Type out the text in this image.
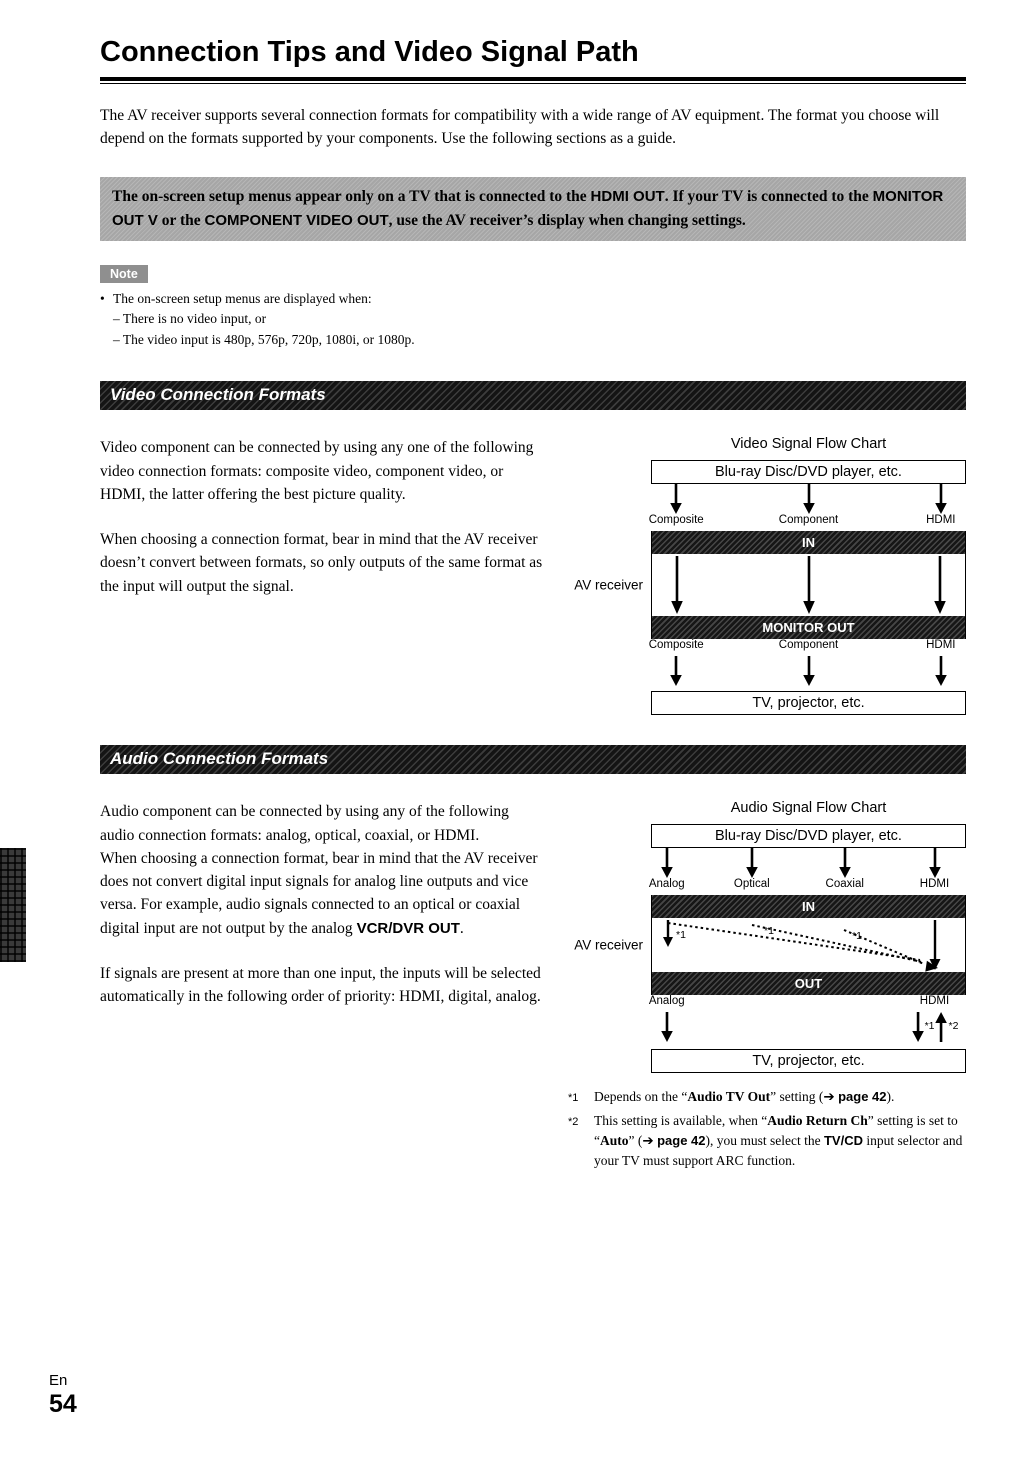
Connection Tips and Video Signal Path

The AV receiver supports several connection formats for compatibility with a wide range of AV equipment. The format you choose will depend on the formats supported by your components. Use the following sections as a guide.

The on-screen setup menus appear only on a TV that is connected to the HDMI OUT. If your TV is connected to the MONITOR OUT V or the COMPONENT VIDEO OUT, use the AV receiver’s display when changing settings.
Note
• The on-screen setup menus are displayed when:
– There is no video input, or
– The video input is 480p, 576p, 720p, 1080i, or 1080p.
Video Connection Formats

Video component can be connected by using any one of the following video connection formats: composite video, component video, or HDMI, the latter offering the best picture quality.

When choosing a connection format, bear in mind that the AV receiver doesn’t convert between formats, so only outputs of the same format as the input will output the signal.

Video Signal Flow Chart
Blu-ray Disc/DVD player, etc.
Composite	Component	HDMI
AV receiver
IN
MONITOR OUT
Composite	Component	HDMI
TV, projector, etc.
Audio Connection Formats

Audio component can be connected by using any of the following audio connection formats: analog, optical, coaxial, or HDMI.

When choosing a connection format, bear in mind that the AV receiver does not convert digital input signals for analog line outputs and vice versa. For example, audio signals connected to an optical or coaxial digital input are not output by the analog VCR/DVR OUT.

If signals are present at more than one input, the inputs will be selected automatically in the following order of priority: HDMI, digital, analog.

Audio Signal Flow Chart
Blu-ray Disc/DVD player, etc.
Analog	Optical	Coaxial	HDMI
AV receiver
IN
*1	*1	*1
OUT
Analog	HDMI
*1 *2
TV, projector, etc.
*1	Depends on the “Audio TV Out” setting (➔ page 42).
*2	This setting is available, when “Audio Return Ch” setting is set to “Auto” (➔ page 42), you must select the TV/CD input selector and your TV must support ARC function.
En
54
